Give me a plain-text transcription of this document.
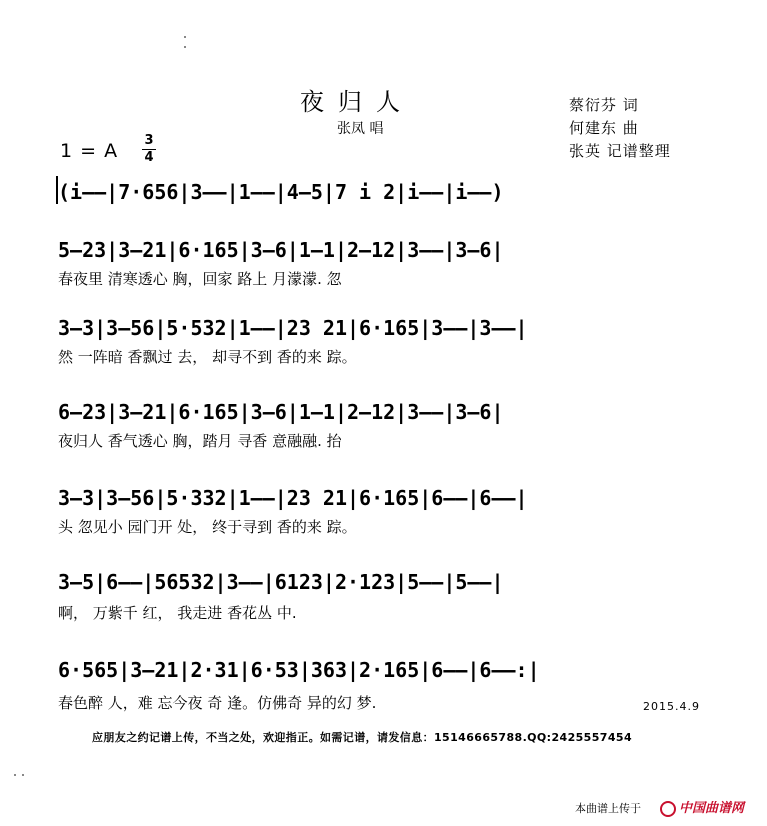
夜归人
张凤 唱
蔡衍芬 词
何建东 曲
张英 记谱整理
1 = A 3
4
(i——|7·656|3——|1——|4—5|7 i 2|i——|i——)
5—23|3—21|6·165|3—6|1—1|2—12|3——|3—6|
春夜里 清寒透心 胸，回家 路上 月濛濛. 忽
3—3|3—56|5·532|1——|23 21|6·165|3——|3——|
然 一阵暗 香飘过 去， 却寻不到 香的来 踪。
6—23|3—21|6·165|3—6|1—1|2—12|3——|3—6|
夜归人 香气透心 胸，踏月 寻香 意融融. 抬
3—3|3—56|5·332|1——|23 21|6·165|6——|6——|
头 忽见小 园门开 处， 终于寻到 香的来 踪。
3—5|6——|56532|3——|6123|2·123|5——|5——|
啊， 万紫千 红， 我走进 香花丛 中.
6·565|3—21|2·31|6·53|363|2·165|6——|6——:|
春色醉 人，难 忘今夜 奇 逢。仿佛奇 异的幻 梦.	2015.4.9
应朋友之约记谱上传，不当之处，欢迎指正。如需记谱，请发信息：15146665788.QQ:2425557454
本曲谱上传于	中国曲谱网
